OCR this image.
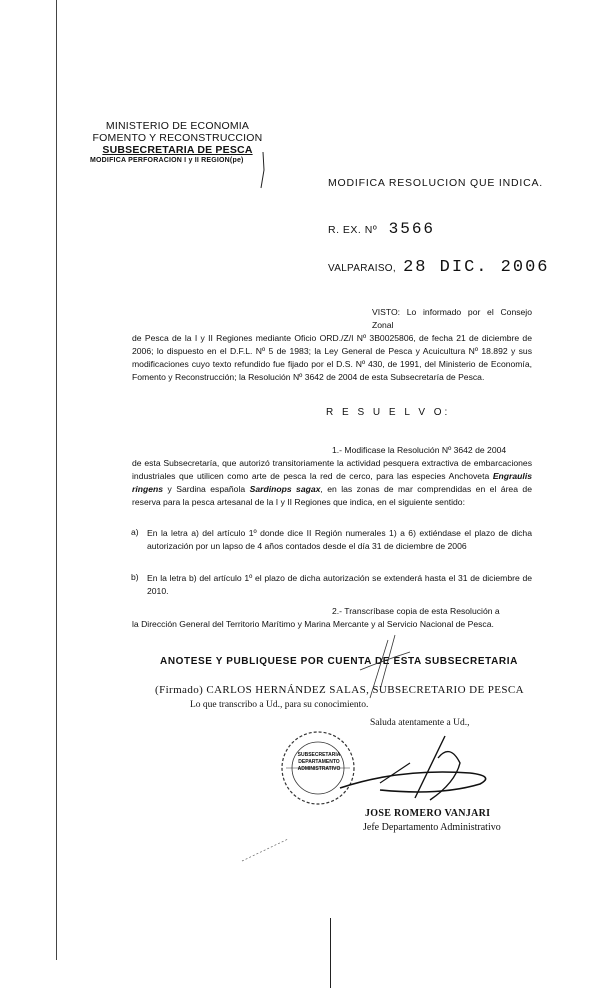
MINISTERIO DE ECONOMIA
FOMENTO Y RECONSTRUCCION
SUBSECRETARIA DE PESCA
MODIFICA PERFORACION I y II REGION(pe)
MODIFICA RESOLUCION QUE INDICA.
R. EX. Nº 3566
VALPARAISO, 28 DIC. 2006
VISTO: Lo informado por el Consejo Zonal
de Pesca de la I y II Regiones mediante Oficio ORD./Z/I Nº 3B0025806, de fecha 21 de diciembre de 2006; lo dispuesto en el D.F.L. Nº 5 de 1983; la Ley General de Pesca y Acuicultura Nº 18.892 y sus modificaciones cuyo texto refundido fue fijado por el D.S. Nº 430, de 1991, del Ministerio de Economía, Fomento y Reconstrucción; la Resolución Nº 3642 de 2004 de esta Subsecretaría de Pesca.
R E S U E L V O:
1.- Modificase la Resolución Nº 3642 de 2004
de esta Subsecretaría, que autorizó transitoriamente la actividad pesquera extractiva de embarcaciones industriales que utilicen como arte de pesca la red de cerco, para las especies Anchoveta Engraulis ringens y Sardina española Sardinops sagax, en las zonas de mar comprendidas en el área de reserva para la pesca artesanal de la I y II Regiones que indica, en el siguiente sentido:
a) En la letra a) del artículo 1º donde dice II Región numerales 1) a 6) extiéndase el plazo de dicha autorización por un lapso de 4 años contados desde el día 31 de diciembre de 2006
b) En la letra b) del artículo 1º el plazo de dicha autorización se extenderá hasta el 31 de diciembre de 2010.
2.- Transcríbase copia de esta Resolución a
la Dirección General del Territorio Marítimo y Marina Mercante y al Servicio Nacional de Pesca.
ANOTESE Y PUBLIQUESE POR CUENTA DE ESTA SUBSECRETARIA
(Firmado) CARLOS HERNÁNDEZ SALAS, SUBSECRETARIO DE PESCA
Lo que transcribo a Ud., para su conocimiento.
Saluda atentamente a Ud.,
SUBSECRETARIA
DEPARTAMENTO
ADMINISTRATIVO
JOSE ROMERO VANJARI
Jefe Departamento Administrativo
